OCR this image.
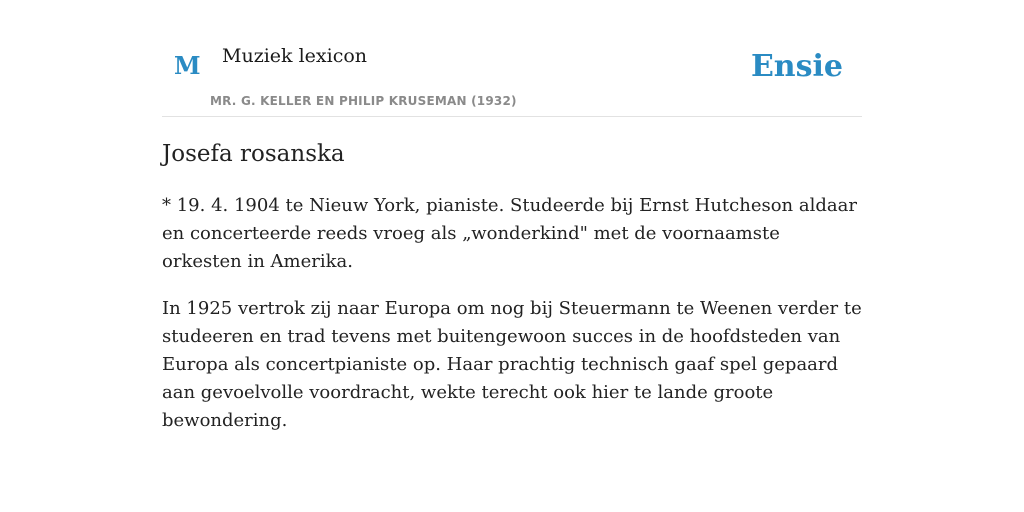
M Muziek lexicon
MR. G. KELLER EN PHILIP KRUSEMAN (1932)
Ensie
Josefa rosanska

* 19. 4. 1904 te Nieuw York, pianiste. Studeerde bij Ernst Hutcheson aldaar en concerteerde reeds vroeg als „wonderkind" met de voornaamste orkesten in Amerika.

In 1925 vertrok zij naar Europa om nog bij Steuermann te Weenen verder te studeeren en trad tevens met buitengewoon succes in de hoofdsteden van Europa als concertpianiste op. Haar prachtig technisch gaaf spel gepaard aan gevoelvolle voordracht, wekte terecht ook hier te lande groote bewondering.
